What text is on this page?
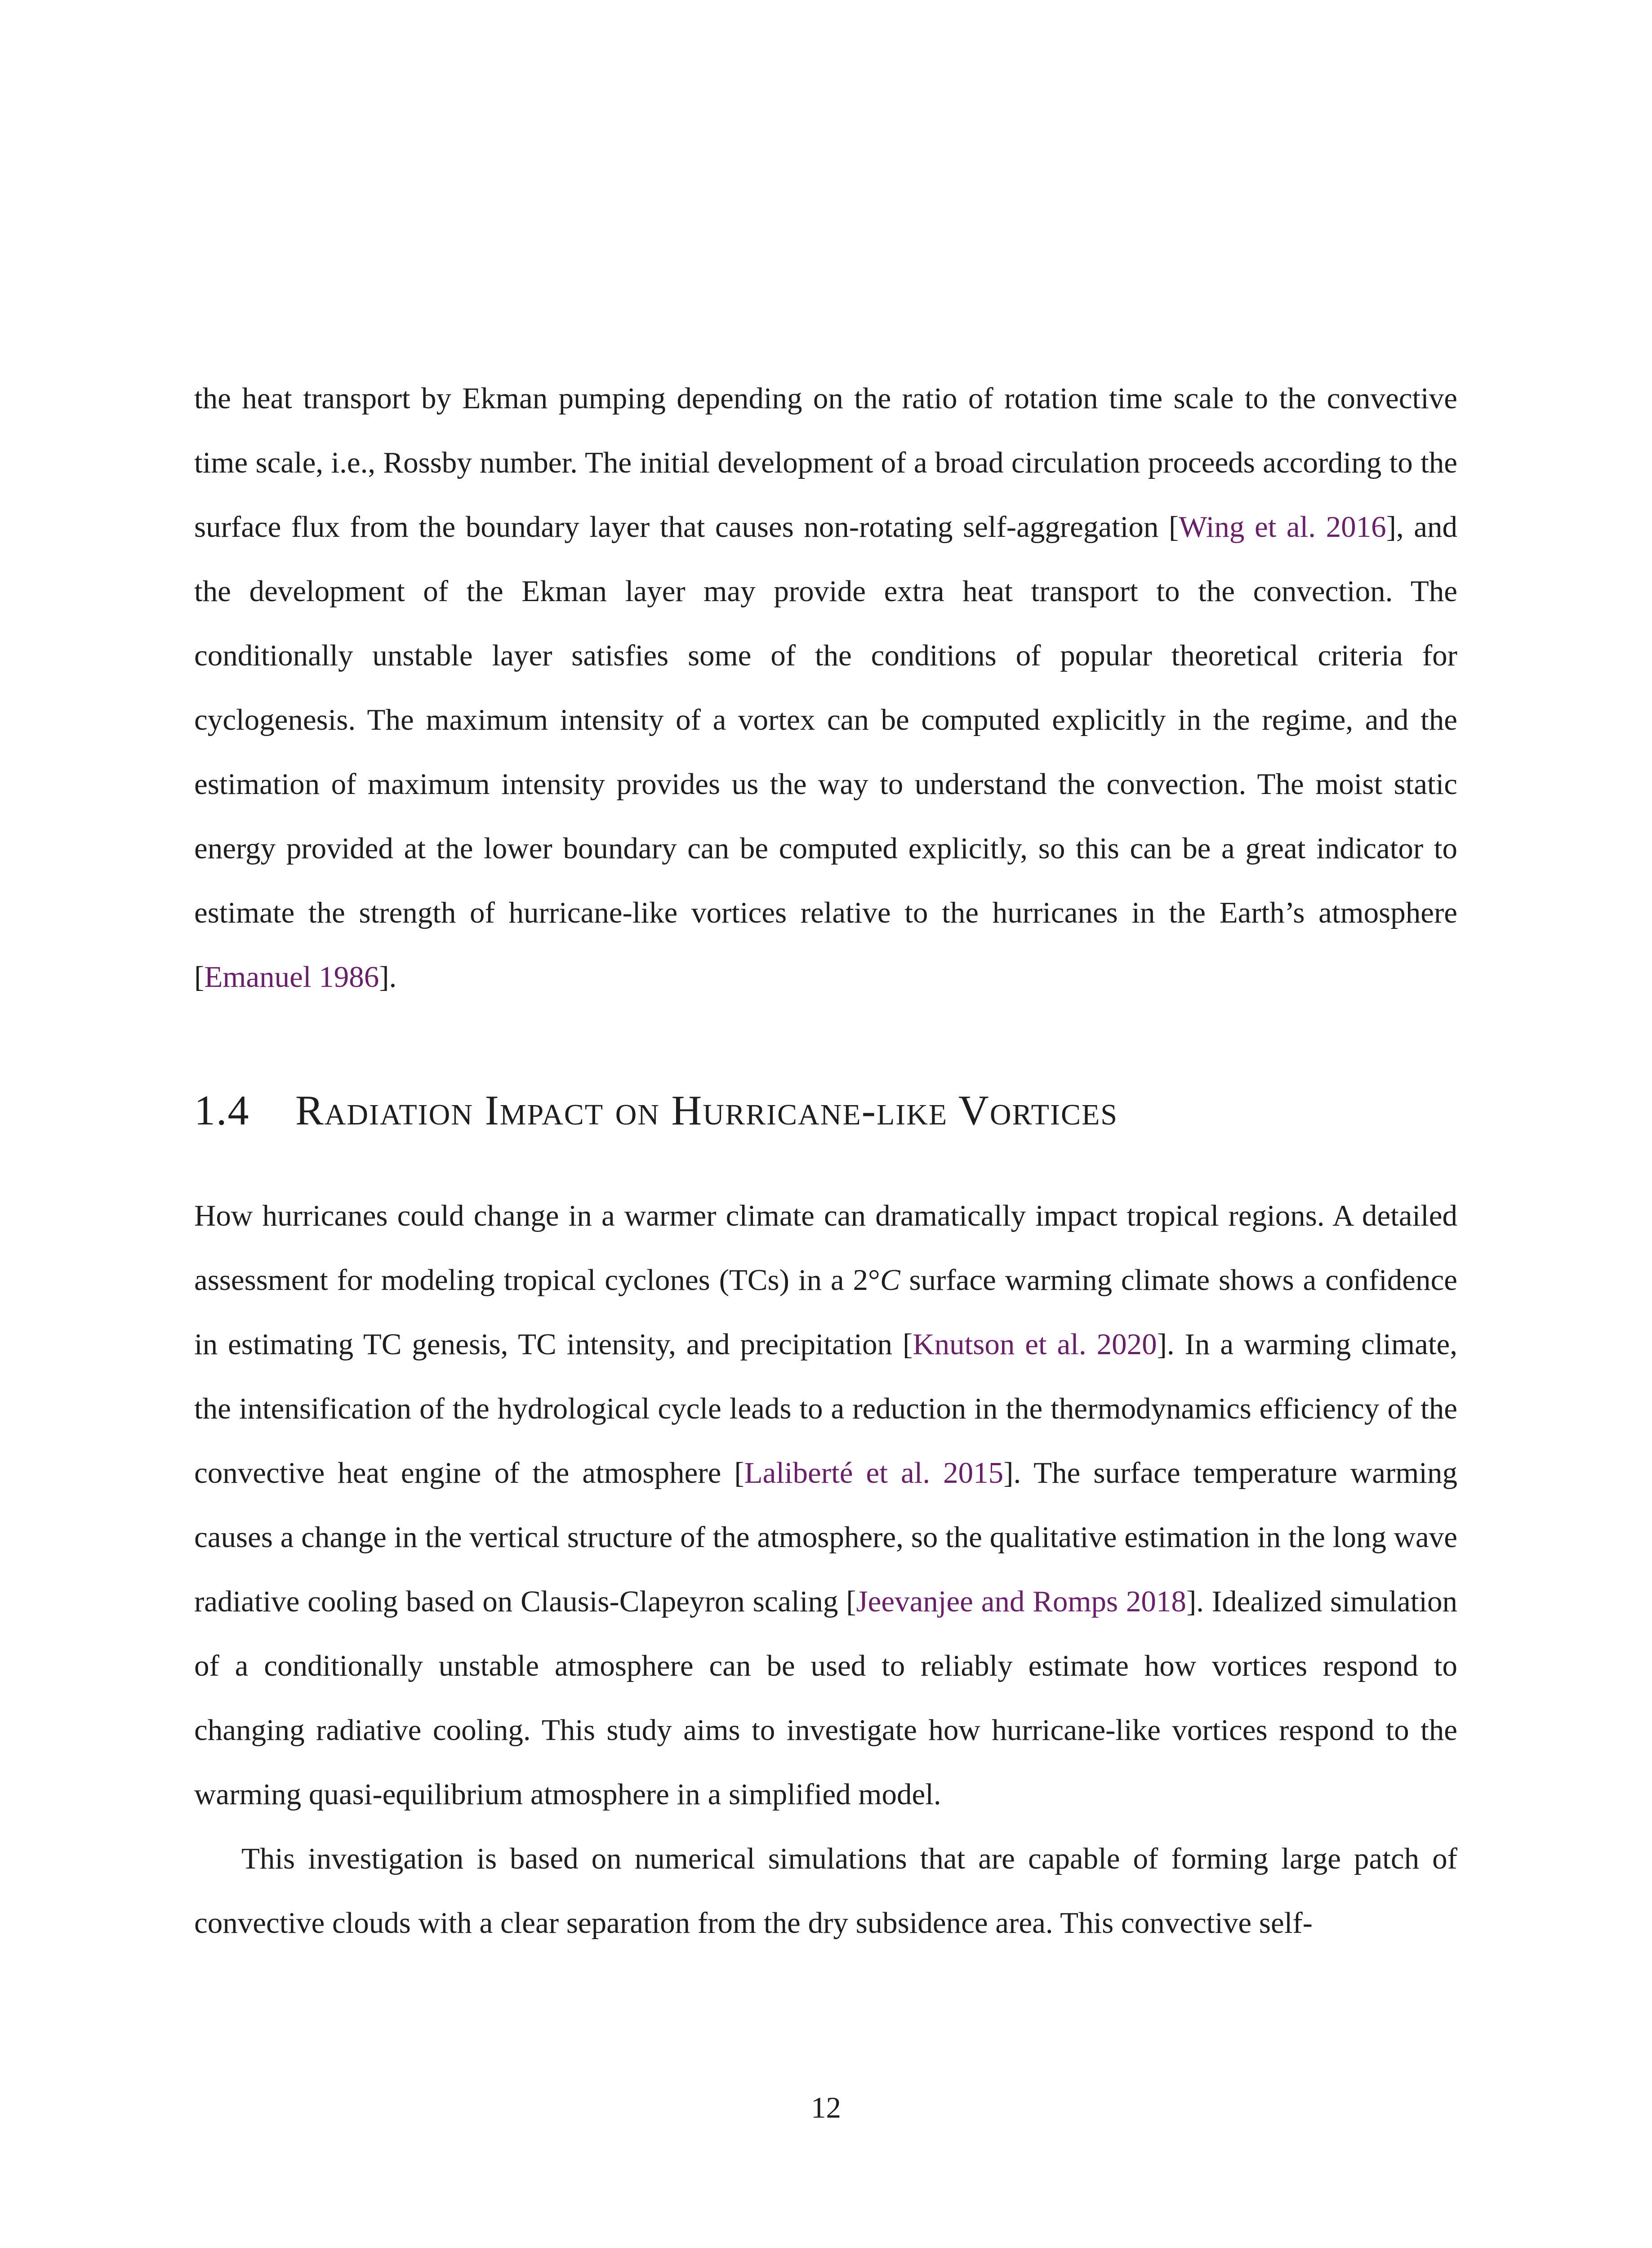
the heat transport by Ekman pumping depending on the ratio of rotation time scale to the convective time scale, i.e., Rossby number. The initial development of a broad circulation proceeds according to the surface flux from the boundary layer that causes non-rotating self-aggregation [Wing et al. 2016], and the development of the Ekman layer may provide extra heat transport to the convection. The conditionally unstable layer satisfies some of the conditions of popular theoretical criteria for cyclogenesis. The maximum intensity of a vortex can be computed explicitly in the regime, and the estimation of maximum intensity provides us the way to understand the convection. The moist static energy provided at the lower boundary can be computed explicitly, so this can be a great indicator to estimate the strength of hurricane-like vortices relative to the hurricanes in the Earth’s atmosphere [Emanuel 1986].

1.4 Radiation Impact on Hurricane-like Vortices

How hurricanes could change in a warmer climate can dramatically impact tropical regions. A detailed assessment for modeling tropical cyclones (TCs) in a 2°C surface warming climate shows a confidence in estimating TC genesis, TC intensity, and precipitation [Knutson et al. 2020]. In a warming climate, the intensification of the hydrological cycle leads to a reduction in the thermodynamics efficiency of the convective heat engine of the atmosphere [Laliberté et al. 2015]. The surface temperature warming causes a change in the vertical structure of the atmosphere, so the qualitative estimation in the long wave radiative cooling based on Clausis-Clapeyron scaling [Jeevanjee and Romps 2018]. Idealized simulation of a conditionally unstable atmosphere can be used to reliably estimate how vortices respond to changing radiative cooling. This study aims to investigate how hurricane-like vortices respond to the warming quasi-equilibrium atmosphere in a simplified model.

This investigation is based on numerical simulations that are capable of forming large patch of convective clouds with a clear separation from the dry subsidence area. This convective self-

12
